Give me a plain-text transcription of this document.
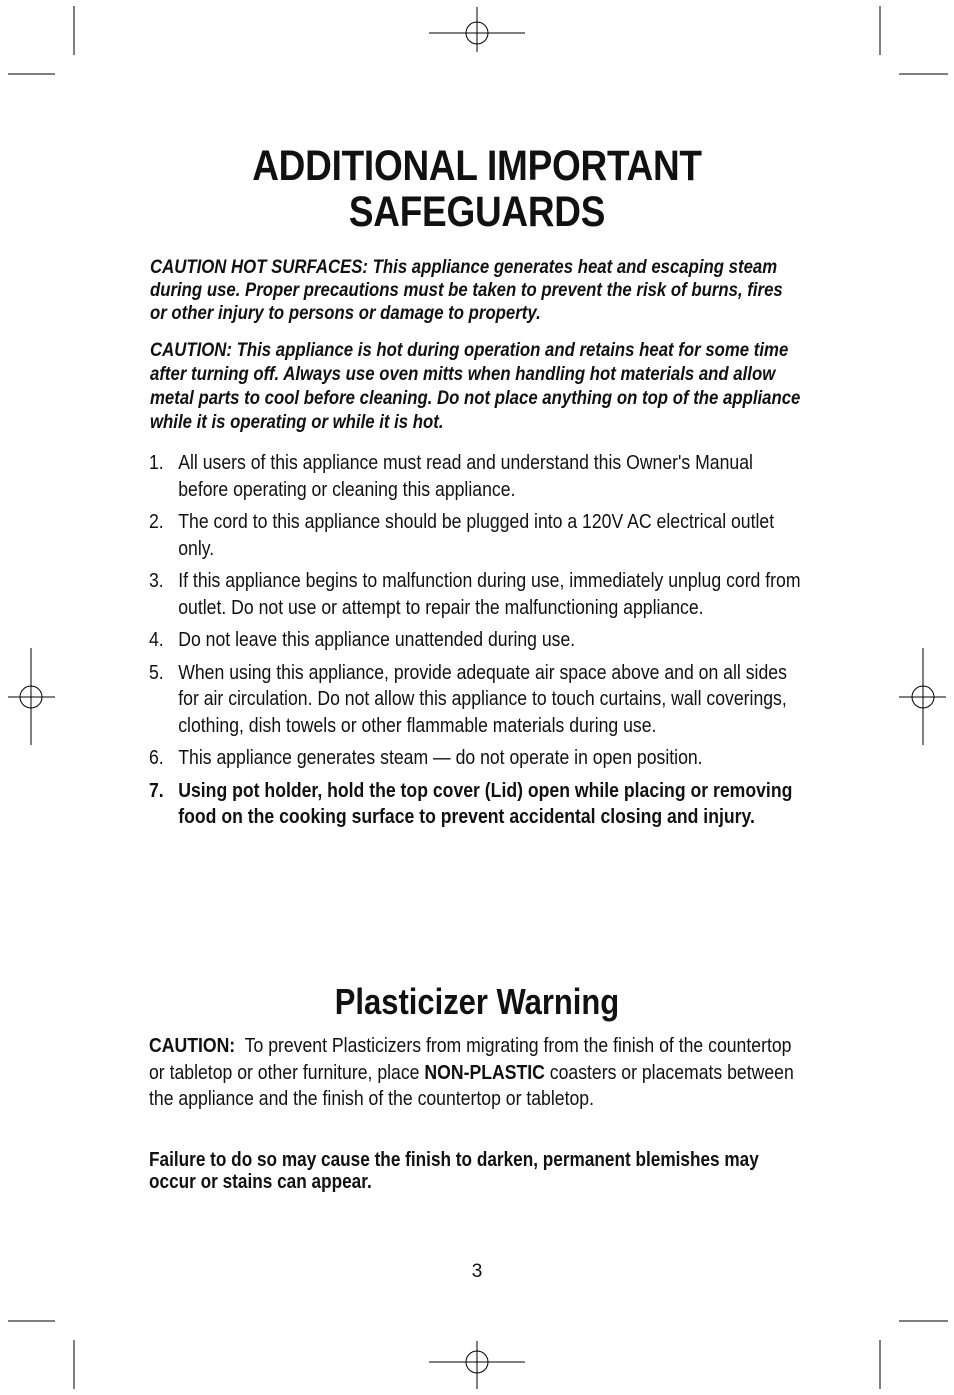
ADDITIONAL IMPORTANT
SAFEGUARDS

CAUTION HOT SURFACES: This appliance generates heat and escaping steam during use. Proper precautions must be taken to prevent the risk of burns, fires or other injury to persons or damage to property.

CAUTION: This appliance is hot during operation and retains heat for some time after turning off. Always use oven mitts when handling hot materials and allow metal parts to cool before cleaning. Do not place anything on top of the appliance while it is operating or while it is hot.

1. All users of this appliance must read and understand this Owner's Manual before operating or cleaning this appliance.
2. The cord to this appliance should be plugged into a 120V AC electrical outlet only.
3. If this appliance begins to malfunction during use, immediately unplug cord from outlet. Do not use or attempt to repair the malfunctioning appliance.
4. Do not leave this appliance unattended during use.
5. When using this appliance, provide adequate air space above and on all sides for air circulation. Do not allow this appliance to touch curtains, wall coverings, clothing, dish towels or other flammable materials during use.
6. This appliance generates steam — do not operate in open position.
7. Using pot holder, hold the top cover (Lid) open while placing or removing food on the cooking surface to prevent accidental closing and injury.
Plasticizer Warning

CAUTION: To prevent Plasticizers from migrating from the finish of the countertop or tabletop or other furniture, place NON-PLASTIC coasters or placemats between the appliance and the finish of the countertop or tabletop.

Failure to do so may cause the finish to darken, permanent blemishes may occur or stains can appear.

3
